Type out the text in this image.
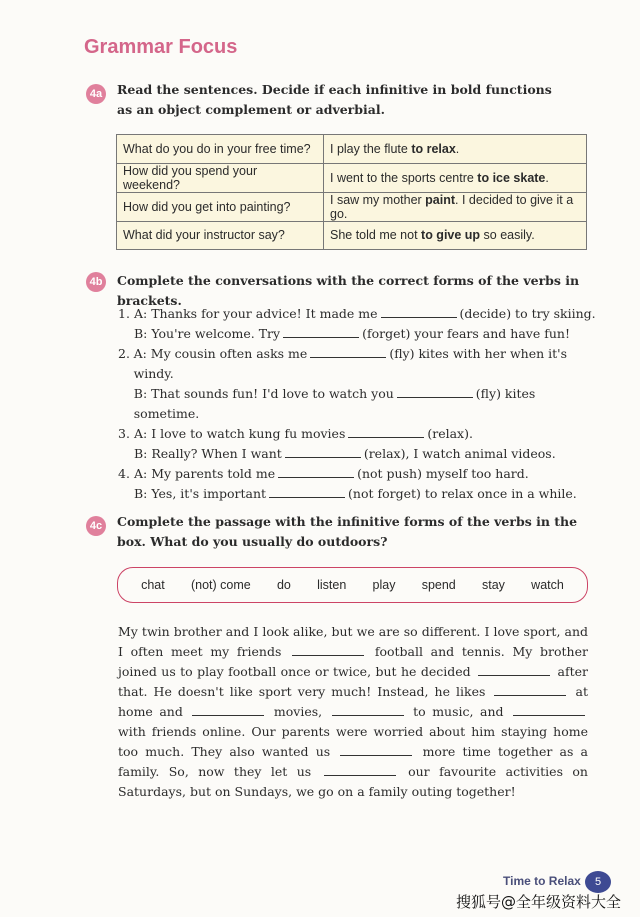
Grammar Focus
4a	Read the sentences. Decide if each infinitive in bold functions as an object complement or adverbial.
What do you do in your free time?	I play the flute to relax.
How did you spend your weekend?	I went to the sports centre to ice skate.
How did you get into painting?	I saw my mother paint. I decided to give it a go.
What did your instructor say?	She told me not to give up so easily.
4b Complete the conversations with the correct forms of the verbs in brackets.
1. A: Thanks for your advice! It made me	(decide) to try skiing.
B: You're welcome. Try	(forget) your fears and have fun!
2. A: My cousin often asks me	(fly) kites with her when it's windy.
B: That sounds fun! I'd love to watch you	(fly) kites sometime.
3. A: I love to watch kung fu movies	(relax).
B: Really? When I want	(relax), I watch animal videos.
4. A: My parents told me	(not push) myself too hard.
B: Yes, it's important	(not forget) to relax once in a while.
4c	Complete the passage with the infinitive forms of the verbs in the box. What do you usually do outdoors?
chat (not) come do listen play spend stay watch
My twin brother and I look alike, but we are so different. I love sport, and I often meet my friends	football and tennis. My brother joined us to play football once or twice, but he decided	after that. He doesn't like sport very much! Instead, he likes	at home and	movies,	to music, and  with friends online. Our parents were worried about him staying home too much. They also wanted us	more time together as a family. So, now they let us	our favourite activities on Saturdays, but on Sundays, we go on a family outing together!
Time to Relax	5
搜狐号@全年级资料大全
